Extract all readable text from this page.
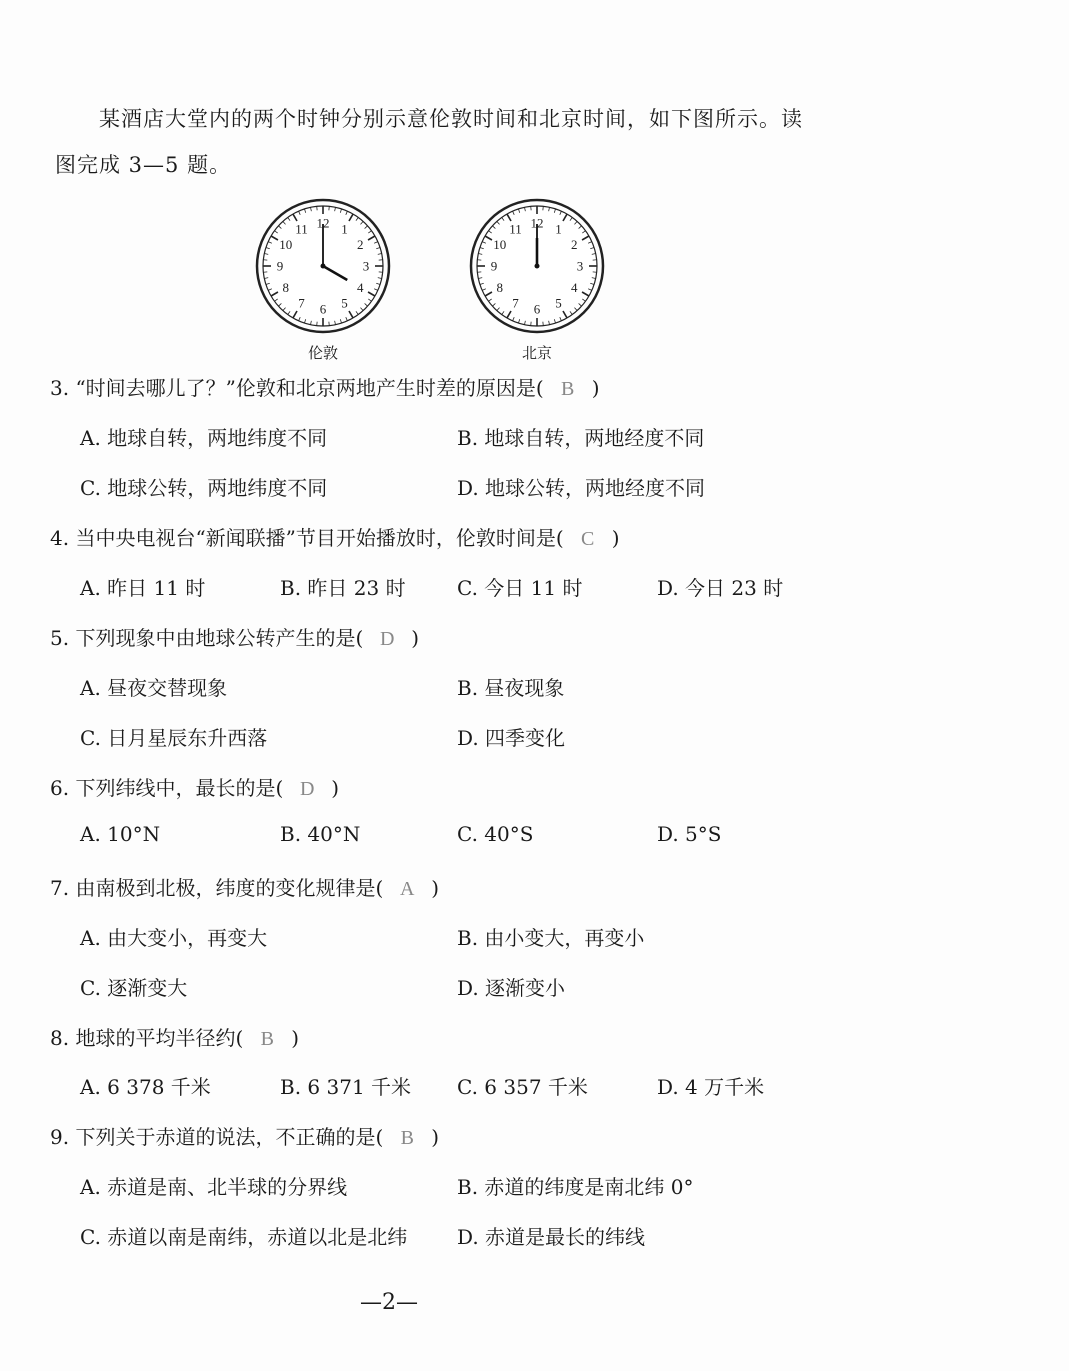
某酒店大堂内的两个时钟分别示意伦敦时间和北京时间，如下图所示。读
图完成 3—5 题。
12 1
2
3
4
5
6
7
8
9
10
11
伦敦
12 1
2
3
4
5
6
7
8
9
10
11
北京
3. “时间去哪儿了？”伦敦和北京两地产生时差的原因是( B )
A. 地球自转，两地纬度不同	B. 地球自转，两地经度不同
C. 地球公转，两地纬度不同	D. 地球公转，两地经度不同
4. 当中央电视台“新闻联播”节目开始播放时，伦敦时间是( C )
A. 昨日 11 时	B. 昨日 23 时	C. 今日 11 时	D. 今日 23 时
5. 下列现象中由地球公转产生的是( D )
A. 昼夜交替现象	B. 昼夜现象
C. 日月星辰东升西落	D. 四季变化
6. 下列纬线中，最长的是( D )
A. 10°N	B. 40°N	C. 40°S	D. 5°S
7. 由南极到北极，纬度的变化规律是( A )
A. 由大变小，再变大	B. 由小变大，再变小
C. 逐渐变大	D. 逐渐变小
8. 地球的平均半径约( B )
A. 6 378 千米	B. 6 371 千米 C. 6 357 千米	D. 4 万千米
9. 下列关于赤道的说法，不正确的是( B )
A. 赤道是南、北半球的分界线	B. 赤道的纬度是南北纬 0°
C. 赤道以南是南纬，赤道以北是北纬 D. 赤道是最长的纬线
—2—
